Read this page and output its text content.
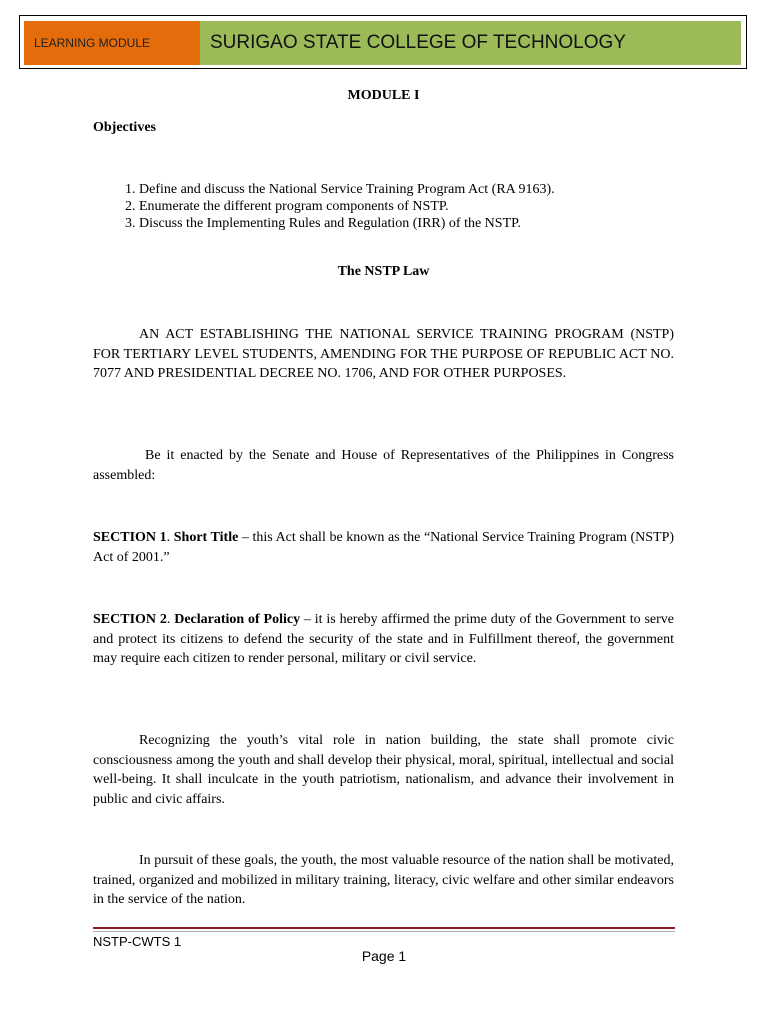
LEARNING MODULE	SURIGAO STATE COLLEGE OF TECHNOLOGY
MODULE I
Objectives
1. Define and discuss the National Service Training Program Act (RA 9163).
2. Enumerate the different program components of NSTP.
3. Discuss the Implementing Rules and Regulation (IRR) of the NSTP.
The NSTP Law

AN ACT ESTABLISHING THE NATIONAL SERVICE TRAINING PROGRAM (NSTP) FOR TERTIARY LEVEL STUDENTS, AMENDING FOR THE PURPOSE OF REPUBLIC ACT NO. 7077 AND PRESIDENTIAL DECREE NO. 1706, AND FOR OTHER PURPOSES.

Be it enacted by the Senate and House of Representatives of the Philippines in Congress assembled:

SECTION 1. Short Title – this Act shall be known as the “National Service Training Program (NSTP) Act of 2001.”

SECTION 2. Declaration of Policy – it is hereby affirmed the prime duty of the Government to serve and protect its citizens to defend the security of the state and in Fulfillment thereof, the government may require each citizen to render personal, military or civil service.

Recognizing the youth’s vital role in nation building, the state shall promote civic consciousness among the youth and shall develop their physical, moral, spiritual, intellectual and social well-being. It shall inculcate in the youth patriotism, nationalism, and advance their involvement in public and civic affairs.

In pursuit of these goals, the youth, the most valuable resource of the nation shall be motivated, trained, organized and mobilized in military training, literacy, civic welfare and other similar endeavors in the service of the nation.

NSTP-CWTS 1
Page 1
